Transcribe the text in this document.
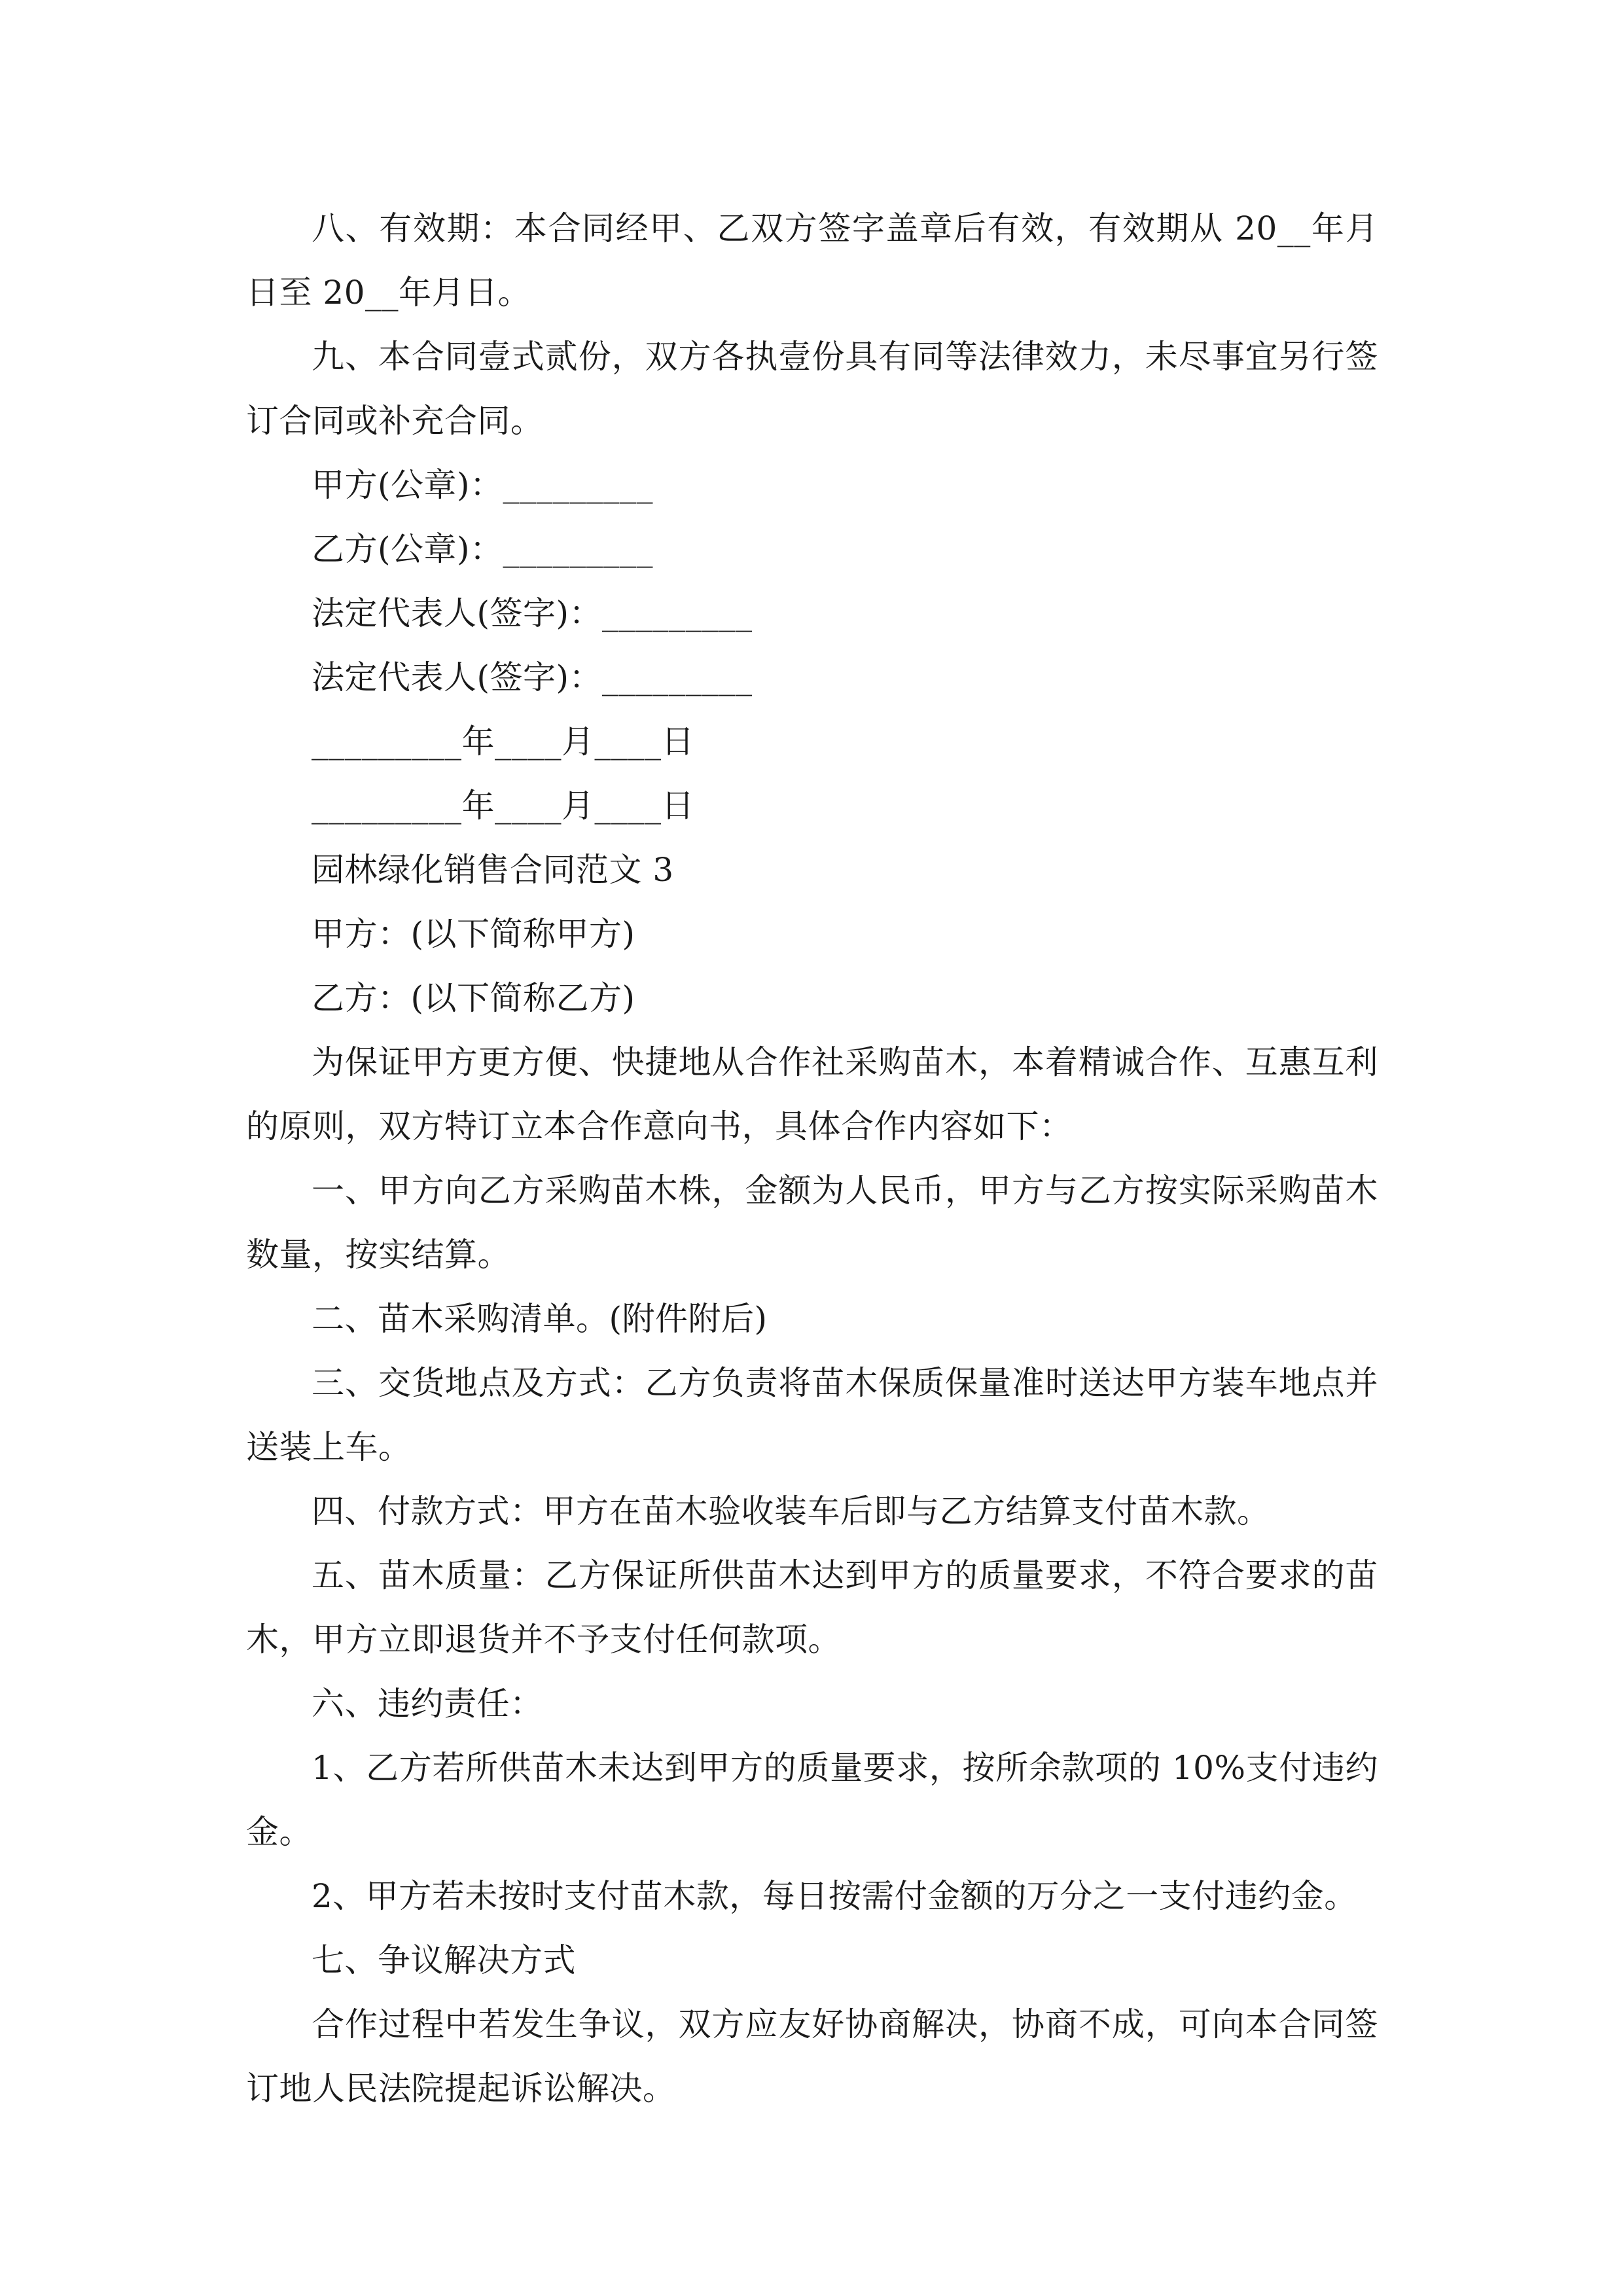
八、有效期：本合同经甲、乙双方签字盖章后有效，有效期从 20__年月日至 20__年月日。

九、本合同壹式贰份，双方各执壹份具有同等法律效力，未尽事宜另行签订合同或补充合同。

甲方(公章)：_________

乙方(公章)：_________

法定代表人(签字)：_________

法定代表人(签字)：_________

_________年____月____日

_________年____月____日

园林绿化销售合同范文 3

甲方：(以下简称甲方)

乙方：(以下简称乙方)

为保证甲方更方便、快捷地从合作社采购苗木，本着精诚合作、互惠互利的原则，双方特订立本合作意向书，具体合作内容如下：

一、甲方向乙方采购苗木株，金额为人民币，甲方与乙方按实际采购苗木数量，按实结算。

二、苗木采购清单。(附件附后)

三、交货地点及方式：乙方负责将苗木保质保量准时送达甲方装车地点并送装上车。

四、付款方式：甲方在苗木验收装车后即与乙方结算支付苗木款。

五、苗木质量：乙方保证所供苗木达到甲方的质量要求，不符合要求的苗木，甲方立即退货并不予支付任何款项。

六、违约责任：

1、乙方若所供苗木未达到甲方的质量要求，按所余款项的 10%支付违约金。

2、甲方若未按时支付苗木款，每日按需付金额的万分之一支付违约金。

七、争议解决方式

合作过程中若发生争议，双方应友好协商解决，协商不成，可向本合同签订地人民法院提起诉讼解决。
